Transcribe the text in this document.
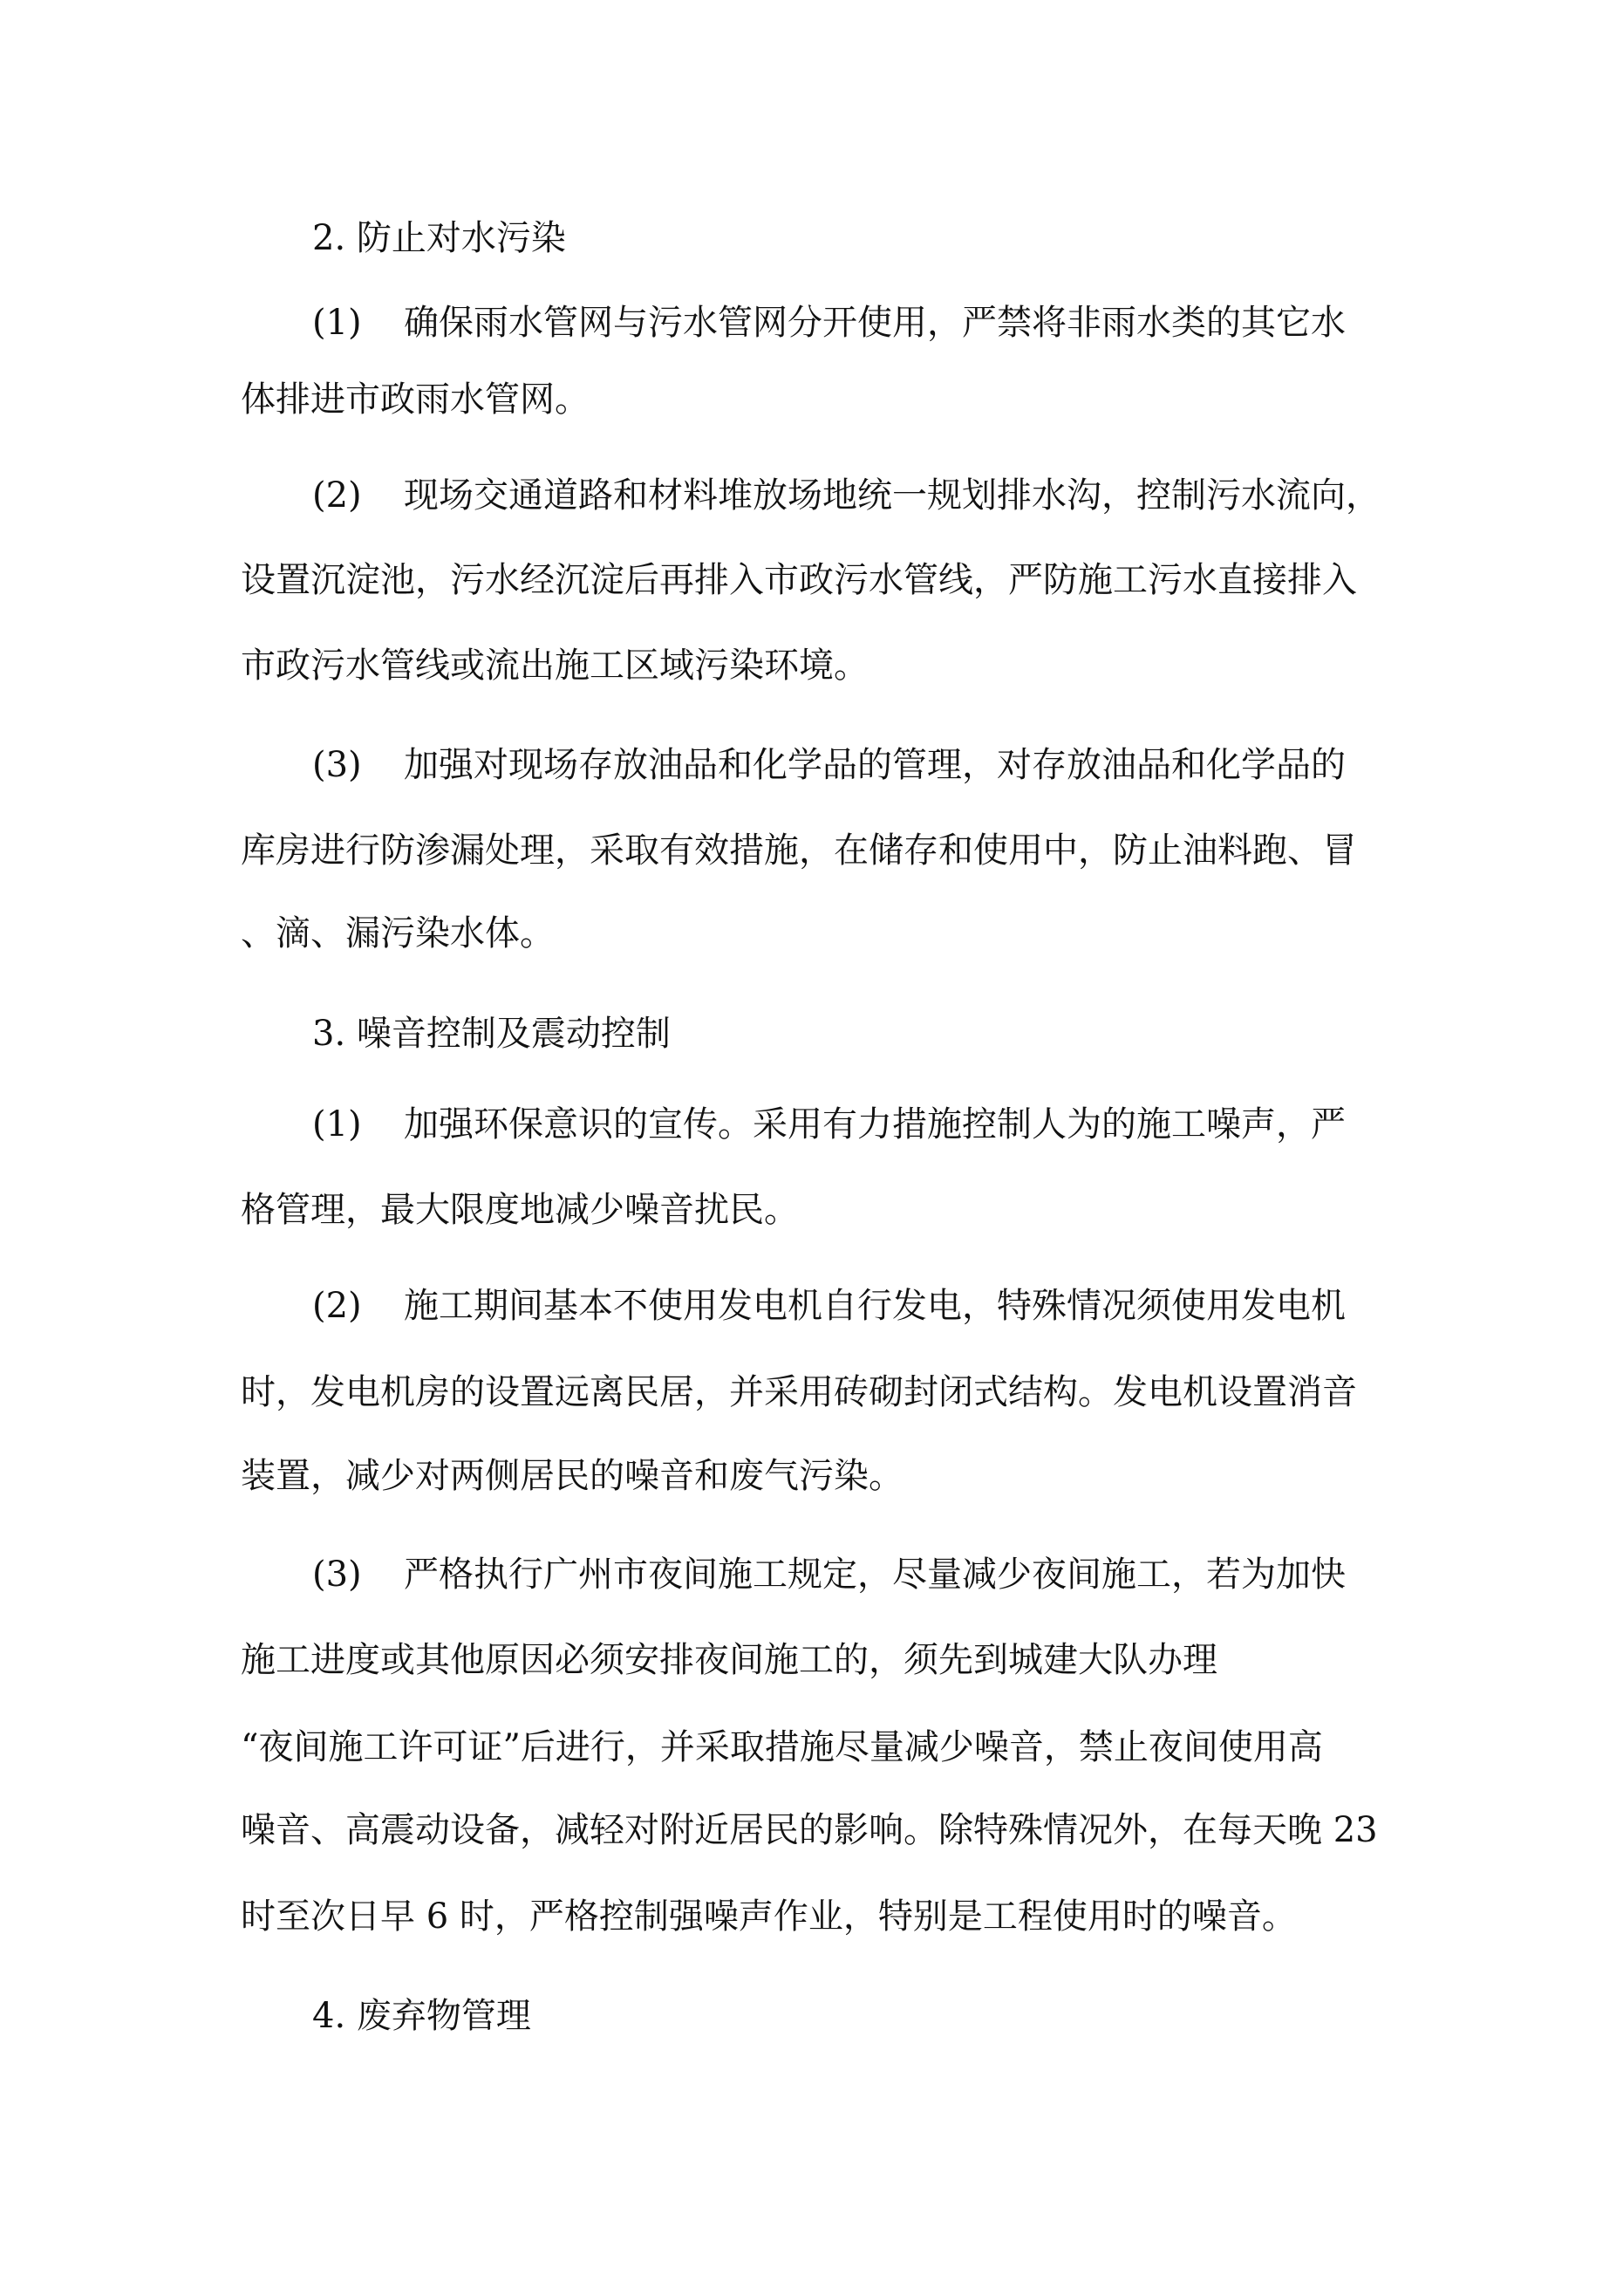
2. 防止对水污染
(1) 确保雨水管网与污水管网分开使用，严禁将非雨水类的其它水
体排进市政雨水管网。
(2) 现场交通道路和材料堆放场地统一规划排水沟，控制污水流向，
设置沉淀池，污水经沉淀后再排入市政污水管线，严防施工污水直接排入
市政污水管线或流出施工区域污染环境。
(3) 加强对现场存放油品和化学品的管理，对存放油品和化学品的
库房进行防渗漏处理，采取有效措施，在储存和使用中，防止油料跑、冒
、滴、漏污染水体。
3. 噪音控制及震动控制
(1) 加强环保意识的宣传。采用有力措施控制人为的施工噪声，严
格管理，最大限度地减少噪音扰民。
(2) 施工期间基本不使用发电机自行发电，特殊情况须使用发电机
时，发电机房的设置远离民居，并采用砖砌封闭式结构。发电机设置消音
装置，减少对两侧居民的噪音和废气污染。
(3) 严格执行广州市夜间施工规定，尽量减少夜间施工，若为加快
施工进度或其他原因必须安排夜间施工的，须先到城建大队办理
“夜间施工许可证”后进行，并采取措施尽量减少噪音，禁止夜间使用高
噪音、高震动设备，减轻对附近居民的影响。除特殊情况外，在每天晚 23
时至次日早 6 时，严格控制强噪声作业，特别是工程使用时的噪音。
4. 废弃物管理
